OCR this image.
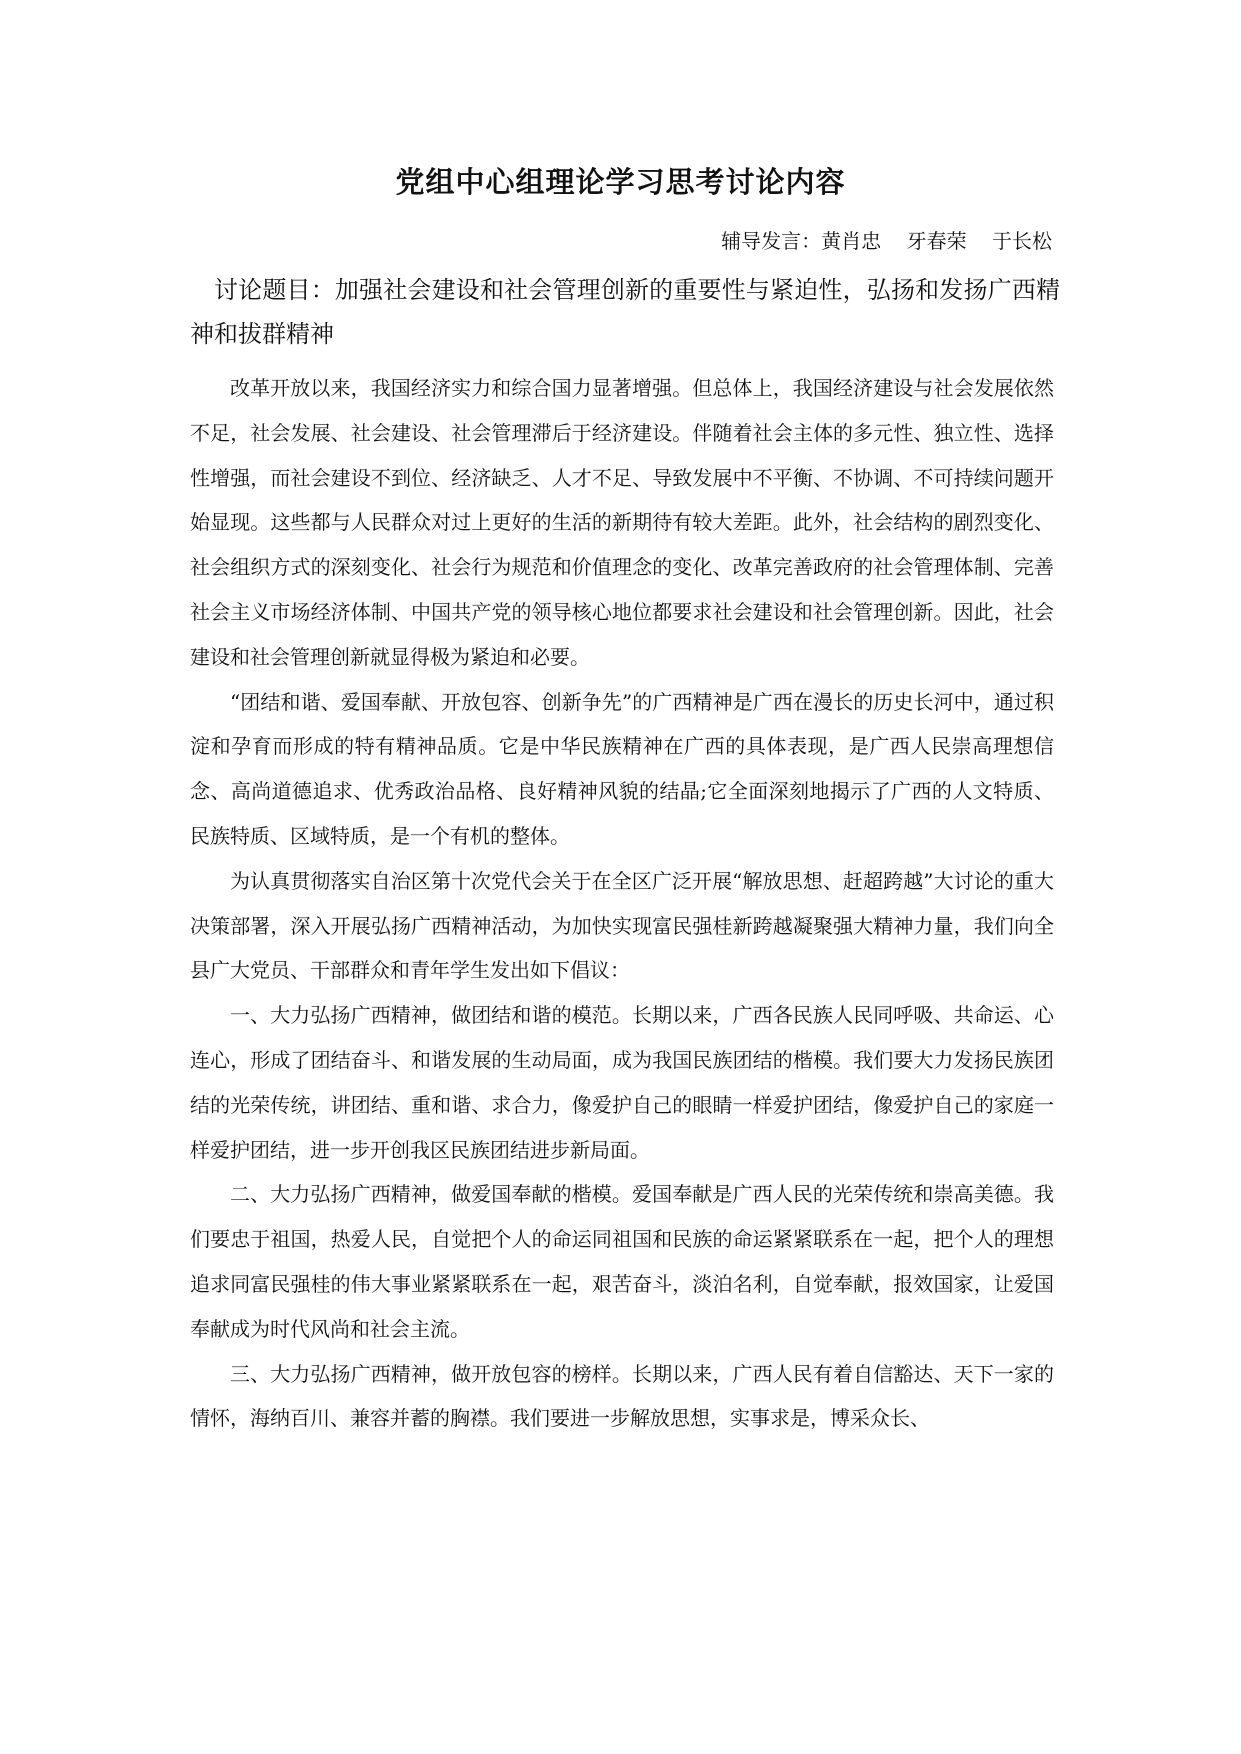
党组中心组理论学习思考讨论内容
辅导发言：黄肖忠    牙春荣    于长松
讨论题目：加强社会建设和社会管理创新的重要性与紧迫性，弘扬和发扬广西精神和拔群精神

改革开放以来，我国经济实力和综合国力显著增强。但总体上，我国经济建设与社会发展依然不足，社会发展、社会建设、社会管理滞后于经济建设。伴随着社会主体的多元性、独立性、选择性增强，而社会建设不到位、经济缺乏、人才不足、导致发展中不平衡、不协调、不可持续问题开始显现。这些都与人民群众对过上更好的生活的新期待有较大差距。此外，社会结构的剧烈变化、社会组织方式的深刻变化、社会行为规范和价值理念的变化、改革完善政府的社会管理体制、完善社会主义市场经济体制、中国共产党的领导核心地位都要求社会建设和社会管理创新。因此，社会建设和社会管理创新就显得极为紧迫和必要。

“团结和谐、爱国奉献、开放包容、创新争先”的广西精神是广西在漫长的历史长河中，通过积淀和孕育而形成的特有精神品质。它是中华民族精神在广西的具体表现，是广西人民崇高理想信念、高尚道德追求、优秀政治品格、良好精神风貌的结晶;它全面深刻地揭示了广西的人文特质、民族特质、区域特质，是一个有机的整体。

为认真贯彻落实自治区第十次党代会关于在全区广泛开展“解放思想、赶超跨越”大讨论的重大决策部署，深入开展弘扬广西精神活动，为加快实现富民强桂新跨越凝聚强大精神力量，我们向全县广大党员、干部群众和青年学生发出如下倡议：

一、大力弘扬广西精神，做团结和谐的模范。长期以来，广西各民族人民同呼吸、共命运、心连心，形成了团结奋斗、和谐发展的生动局面，成为我国民族团结的楷模。我们要大力发扬民族团结的光荣传统，讲团结、重和谐、求合力，像爱护自己的眼睛一样爱护团结，像爱护自己的家庭一样爱护团结，进一步开创我区民族团结进步新局面。

二、大力弘扬广西精神，做爱国奉献的楷模。爱国奉献是广西人民的光荣传统和崇高美德。我们要忠于祖国，热爱人民，自觉把个人的命运同祖国和民族的命运紧紧联系在一起，把个人的理想追求同富民强桂的伟大事业紧紧联系在一起，艰苦奋斗，淡泊名利，自觉奉献，报效国家，让爱国奉献成为时代风尚和社会主流。

三、大力弘扬广西精神，做开放包容的榜样。长期以来，广西人民有着自信豁达、天下一家的情怀，海纳百川、兼容并蓄的胸襟。我们要进一步解放思想，实事求是，博采众长、
